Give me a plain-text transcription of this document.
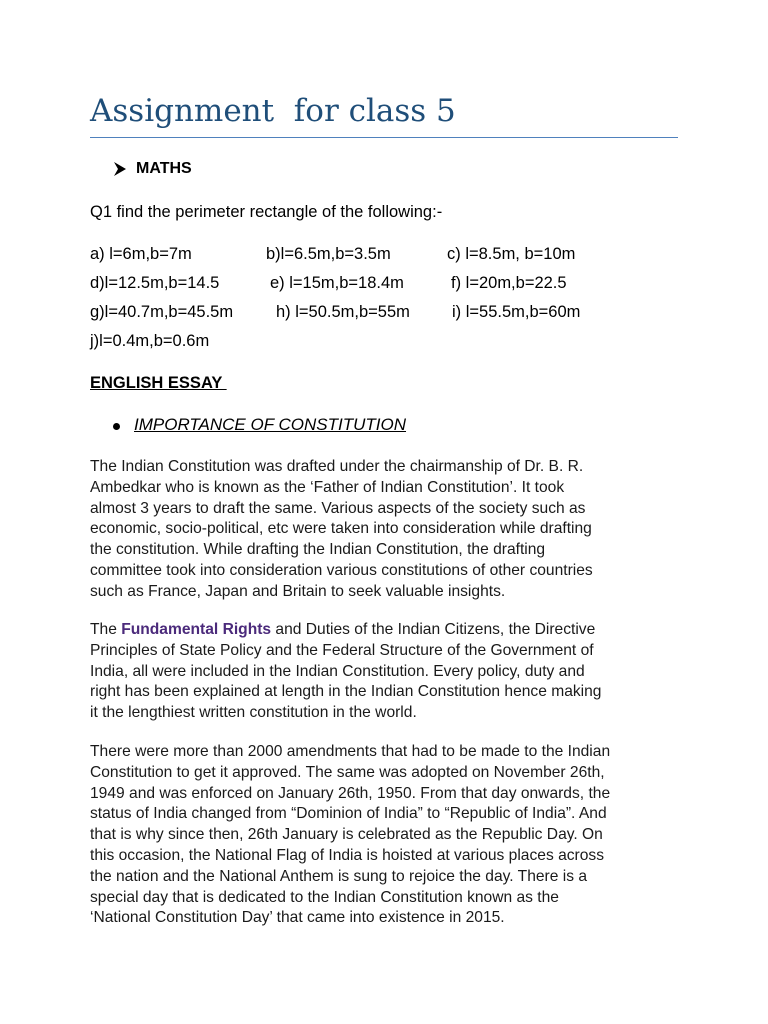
Assignment  for class 5
MATHS
Q1 find the perimeter rectangle of the following:-

a) l=6m,b=7m

	b)l=6.5m,b=3.5m

	c) l=8.5m, b=10m

d)l=12.5m,b=14.5

	e) l=15m,b=18.4m

	f) l=20m,b=22.5

g)l=40.7m,b=45.5m

	h) l=50.5m,b=55m

	i) l=55.5m,b=60m

j)l=0.4m,b=0.6m

ENGLISH ESSAY
IMPORTANCE OF CONSTITUTION
The Indian Constitution was drafted under the chairmanship of Dr. B. R.
Ambedkar who is known as the ‘Father of Indian Constitution’. It took
almost 3 years to draft the same. Various aspects of the society such as
economic, socio-political, etc were taken into consideration while drafting
the constitution. While drafting the Indian Constitution, the drafting
committee took into consideration various constitutions of other countries
such as France, Japan and Britain to seek valuable insights.
The Fundamental Rights and Duties of the Indian Citizens, the Directive
Principles of State Policy and the Federal Structure of the Government of
India, all were included in the Indian Constitution. Every policy, duty and
right has been explained at length in the Indian Constitution hence making
it the lengthiest written constitution in the world.
There were more than 2000 amendments that had to be made to the Indian
Constitution to get it approved. The same was adopted on November 26th,
1949 and was enforced on January 26th, 1950. From that day onwards, the
status of India changed from “Dominion of India” to “Republic of India”. And
that is why since then, 26th January is celebrated as the Republic Day. On
this occasion, the National Flag of India is hoisted at various places across
the nation and the National Anthem is sung to rejoice the day. There is a
special day that is dedicated to the Indian Constitution known as the
‘National Constitution Day’ that came into existence in 2015.
